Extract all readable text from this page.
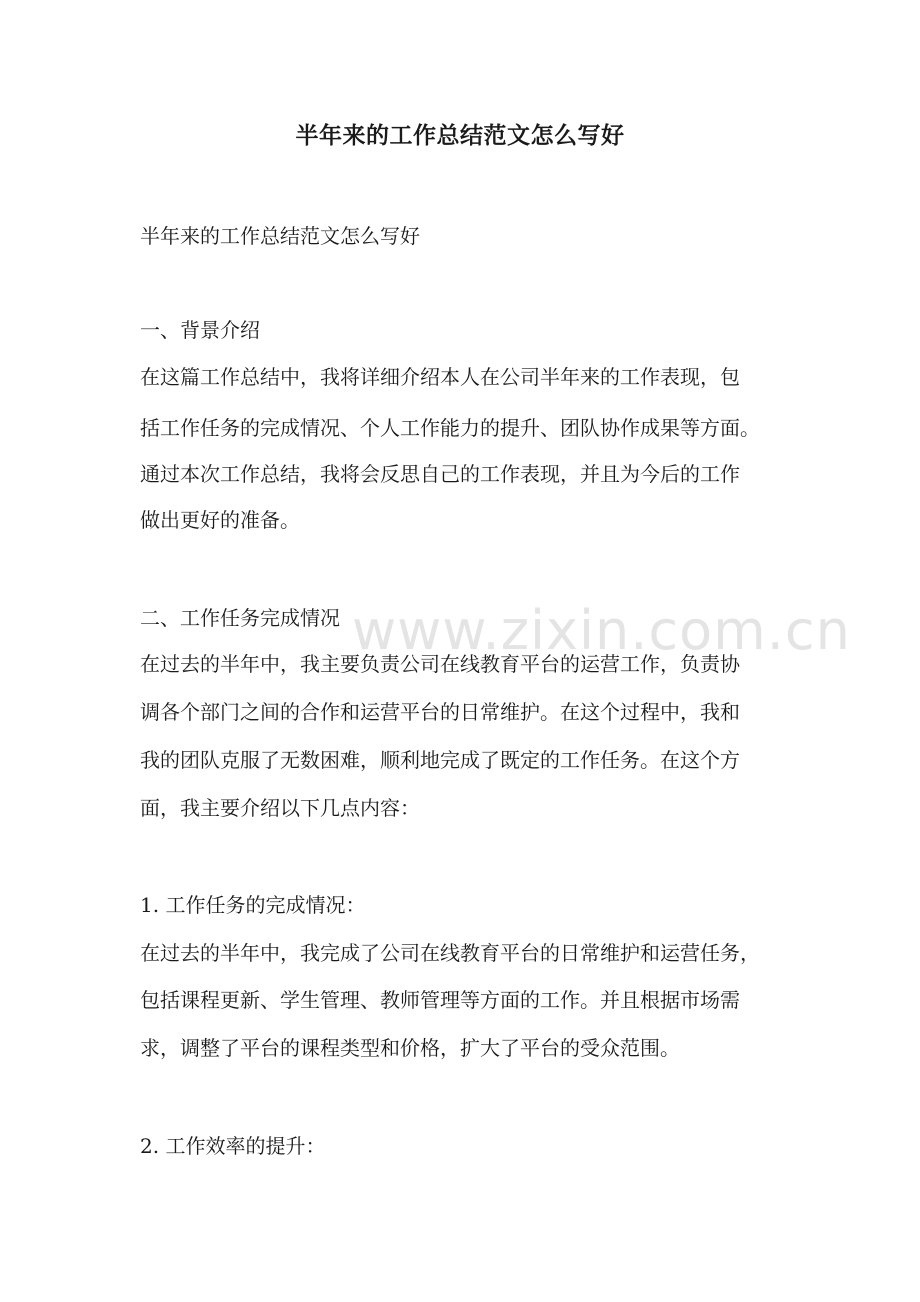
半年来的工作总结范文怎么写好
半年来的工作总结范文怎么写好
一、背景介绍
在这篇工作总结中，我将详细介绍本人在公司半年来的工作表现，包
括工作任务的完成情况、个人工作能力的提升、团队协作成果等方面。
通过本次工作总结，我将会反思自己的工作表现，并且为今后的工作
做出更好的准备。
二、工作任务完成情况
在过去的半年中，我主要负责公司在线教育平台的运营工作，负责协
调各个部门之间的合作和运营平台的日常维护。在这个过程中，我和
我的团队克服了无数困难，顺利地完成了既定的工作任务。在这个方
面，我主要介绍以下几点内容：
1. 工作任务的完成情况：
在过去的半年中，我完成了公司在线教育平台的日常维护和运营任务，
包括课程更新、学生管理、教师管理等方面的工作。并且根据市场需
求，调整了平台的课程类型和价格，扩大了平台的受众范围。
2. 工作效率的提升：
www.zixin.com.cn
